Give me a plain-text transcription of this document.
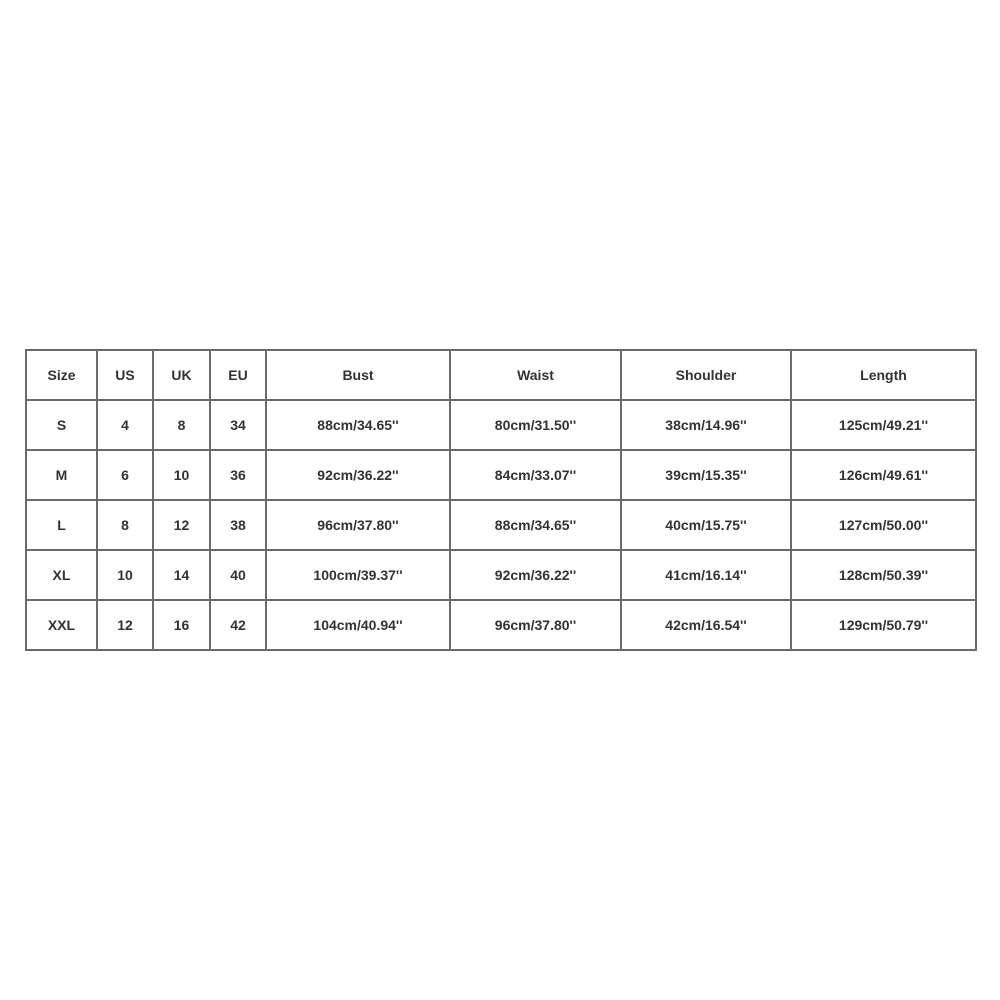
Size	US	UK	EU	Bust	Waist	Shoulder	Length
S	4	8	34	88cm/34.65''	80cm/31.50''	38cm/14.96''	125cm/49.21''
M	6	10	36	92cm/36.22''	84cm/33.07''	39cm/15.35''	126cm/49.61''
L	8	12	38	96cm/37.80''	88cm/34.65''	40cm/15.75''	127cm/50.00''
XL	10	14	40	100cm/39.37''	92cm/36.22''	41cm/16.14''	128cm/50.39''
XXL	12	16	42	104cm/40.94''	96cm/37.80''	42cm/16.54''	129cm/50.79''
